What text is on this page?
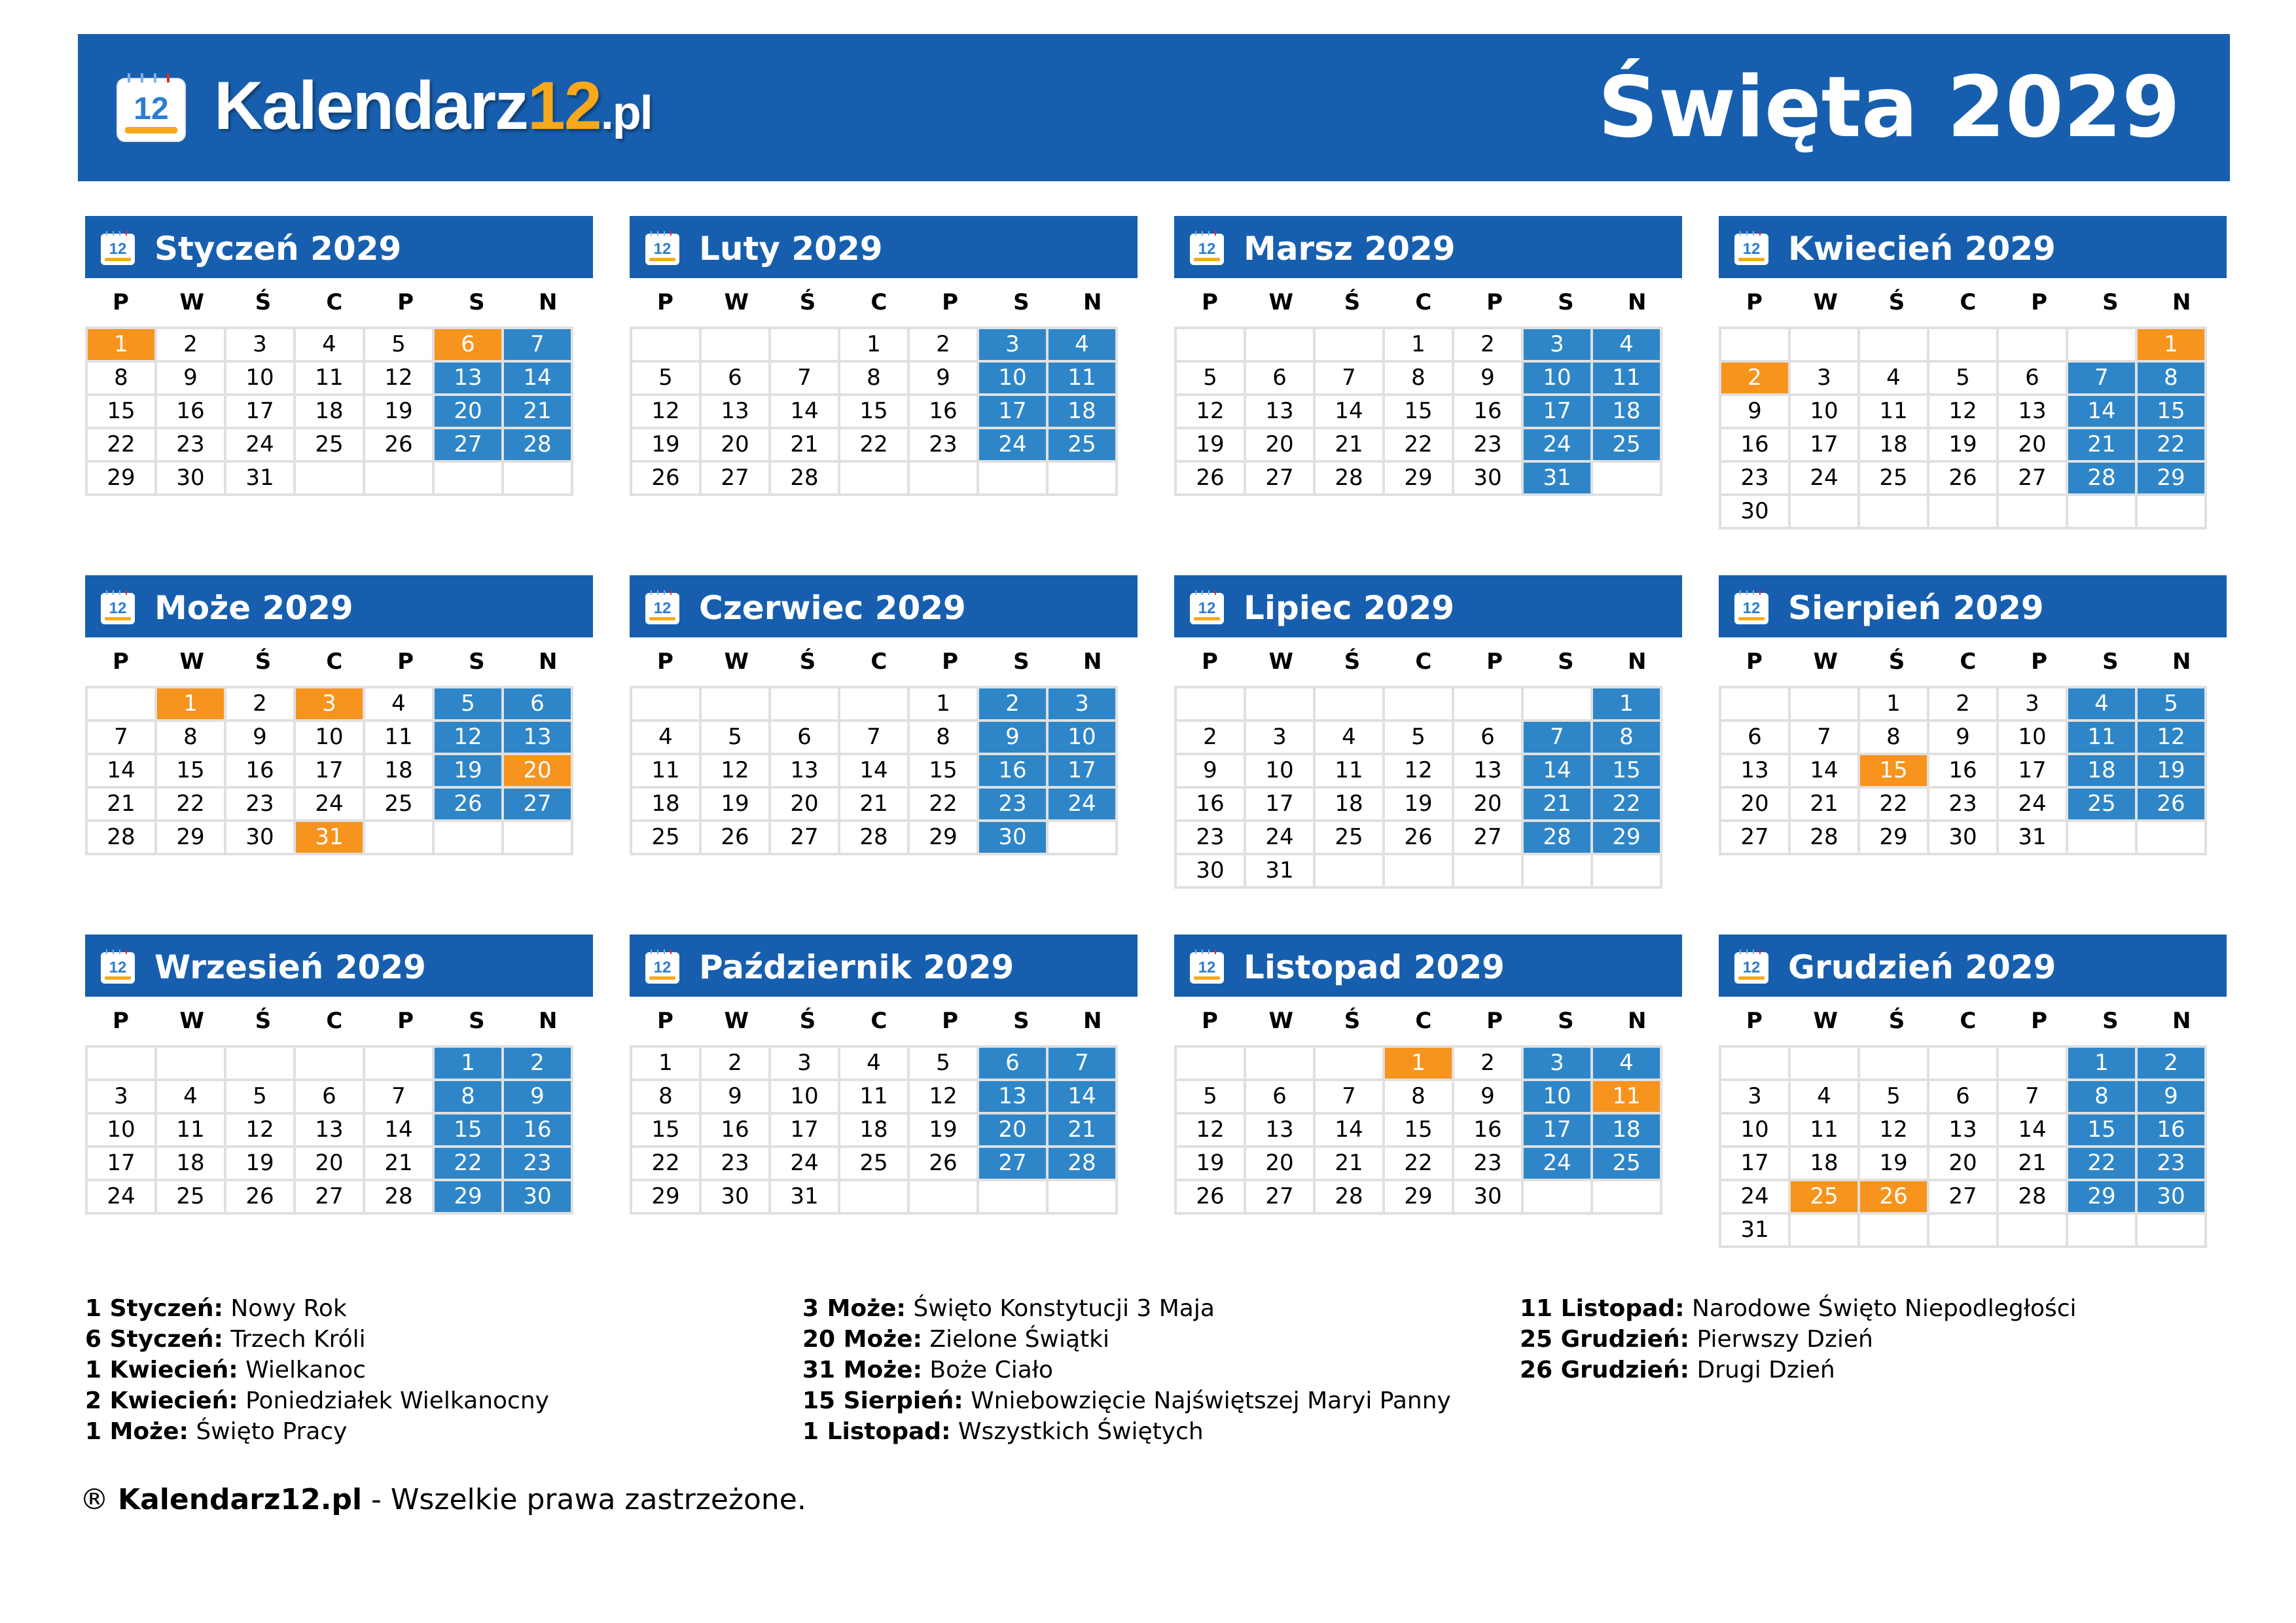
12 Kalendarz12.pl	Święta 2029
12 Styczeń 2029
P	W	Ś	C	P	S	N
1	2	3	4	5	6	7
8	9	10	11	12	13	14
15	16	17	18	19	20	21
22	23	24	25	26	27	28
29	30	31				
12 Luty 2029
P	W	Ś	C	P	S	N
			1	2	3	4
5	6	7	8	9	10	11
12	13	14	15	16	17	18
19	20	21	22	23	24	25
26	27	28				
12 Marsz 2029
P	W	Ś	C	P	S	N
			1	2	3	4
5	6	7	8	9	10	11
12	13	14	15	16	17	18
19	20	21	22	23	24	25
26	27	28	29	30	31	
12 Kwiecień 2029
P	W	Ś	C	P	S	N
						1
2	3	4	5	6	7	8
9	10	11	12	13	14	15
16	17	18	19	20	21	22
23	24	25	26	27	28	29
30						
12 Może 2029
P	W	Ś	C	P	S	N
	1	2	3	4	5	6
7	8	9	10	11	12	13
14	15	16	17	18	19	20
21	22	23	24	25	26	27
28	29	30	31			
12 Czerwiec 2029
P	W	Ś	C	P	S	N
				1	2	3
4	5	6	7	8	9	10
11	12	13	14	15	16	17
18	19	20	21	22	23	24
25	26	27	28	29	30	
12 Lipiec 2029
P	W	Ś	C	P	S	N
						1
2	3	4	5	6	7	8
9	10	11	12	13	14	15
16	17	18	19	20	21	22
23	24	25	26	27	28	29
30	31					
12 Sierpień 2029
P	W	Ś	C	P	S	N
		1	2	3	4	5
6	7	8	9	10	11	12
13	14	15	16	17	18	19
20	21	22	23	24	25	26
27	28	29	30	31		
12 Wrzesień 2029
P	W	Ś	C	P	S	N
					1	2
3	4	5	6	7	8	9
10	11	12	13	14	15	16
17	18	19	20	21	22	23
24	25	26	27	28	29	30
12 Październik 2029
P	W	Ś	C	P	S	N
1	2	3	4	5	6	7
8	9	10	11	12	13	14
15	16	17	18	19	20	21
22	23	24	25	26	27	28
29	30	31				
12 Listopad 2029
P	W	Ś	C	P	S	N
			1	2	3	4
5	6	7	8	9	10	11
12	13	14	15	16	17	18
19	20	21	22	23	24	25
26	27	28	29	30		
12 Grudzień 2029
P	W	Ś	C	P	S	N
					1	2
3	4	5	6	7	8	9
10	11	12	13	14	15	16
17	18	19	20	21	22	23
24	25	26	27	28	29	30
31						
1 Styczeń: Nowy Rok
6 Styczeń: Trzech Króli
1 Kwiecień: Wielkanoc
2 Kwiecień: Poniedziałek Wielkanocny
1 Może: Święto Pracy
3 Może: Święto Konstytucji 3 Maja
20 Może: Zielone Świątki
31 Może: Boże Ciało
15 Sierpień: Wniebowzięcie Najświętszej Maryi Panny
1 Listopad: Wszystkich Świętych
11 Listopad: Narodowe Święto Niepodległości
25 Grudzień: Pierwszy Dzień
26 Grudzień: Drugi Dzień
® Kalendarz12.pl - Wszelkie prawa zastrzeżone.
